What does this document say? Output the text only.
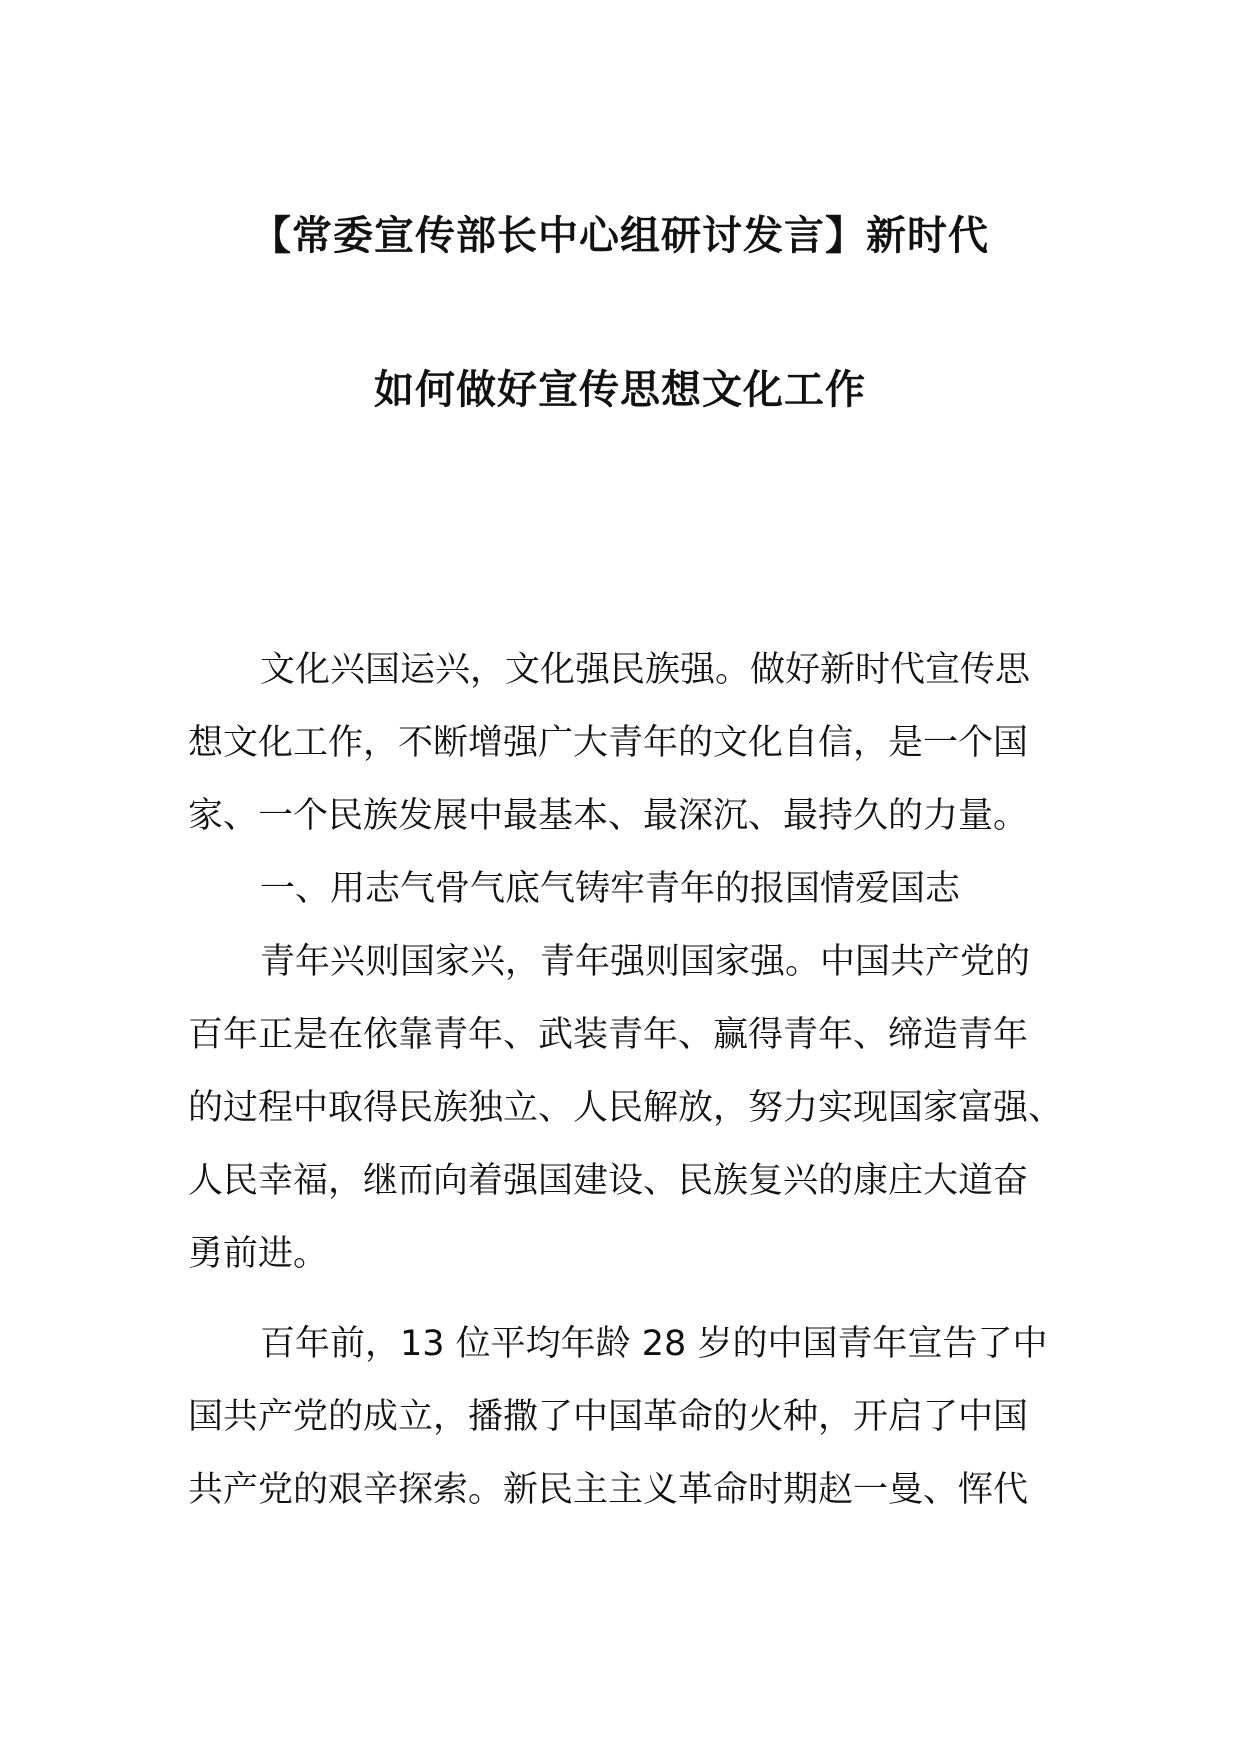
【常委宣传部长中心组研讨发言】新时代
如何做好宣传思想文化工作
文化兴国运兴，文化强民族强。做好新时代宣传思
想文化工作，不断增强广大青年的文化自信，是一个国
家、一个民族发展中最基本、最深沉、最持久的力量。
一、用志气骨气底气铸牢青年的报国情爱国志
青年兴则国家兴，青年强则国家强。中国共产党的
百年正是在依靠青年、武装青年、赢得青年、缔造青年
的过程中取得民族独立、人民解放，努力实现国家富强、
人民幸福，继而向着强国建设、民族复兴的康庄大道奋
勇前进。
百年前，13 位平均年龄 28 岁的中国青年宣告了中
国共产党的成立，播撒了中国革命的火种，开启了中国
共产党的艰辛探索。新民主主义革命时期赵一曼、恽代
